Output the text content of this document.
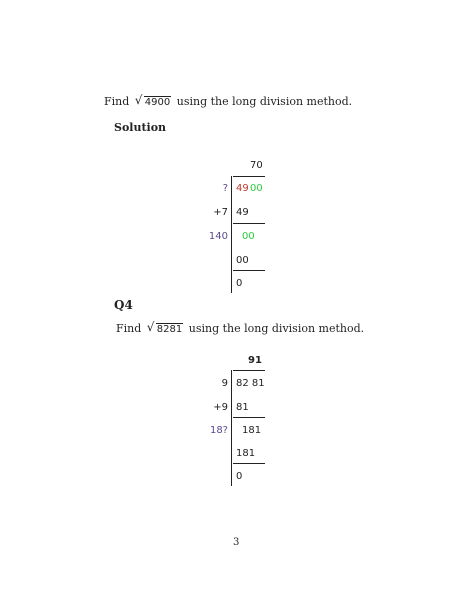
Find √ 4900 using the long division method.
Solution
70
? 49 00
+7 49
140 00
00
0
Q4
Find √ 8281 using the long division method.
91
9 82 81
+9 81
18? 181
181
0
3
